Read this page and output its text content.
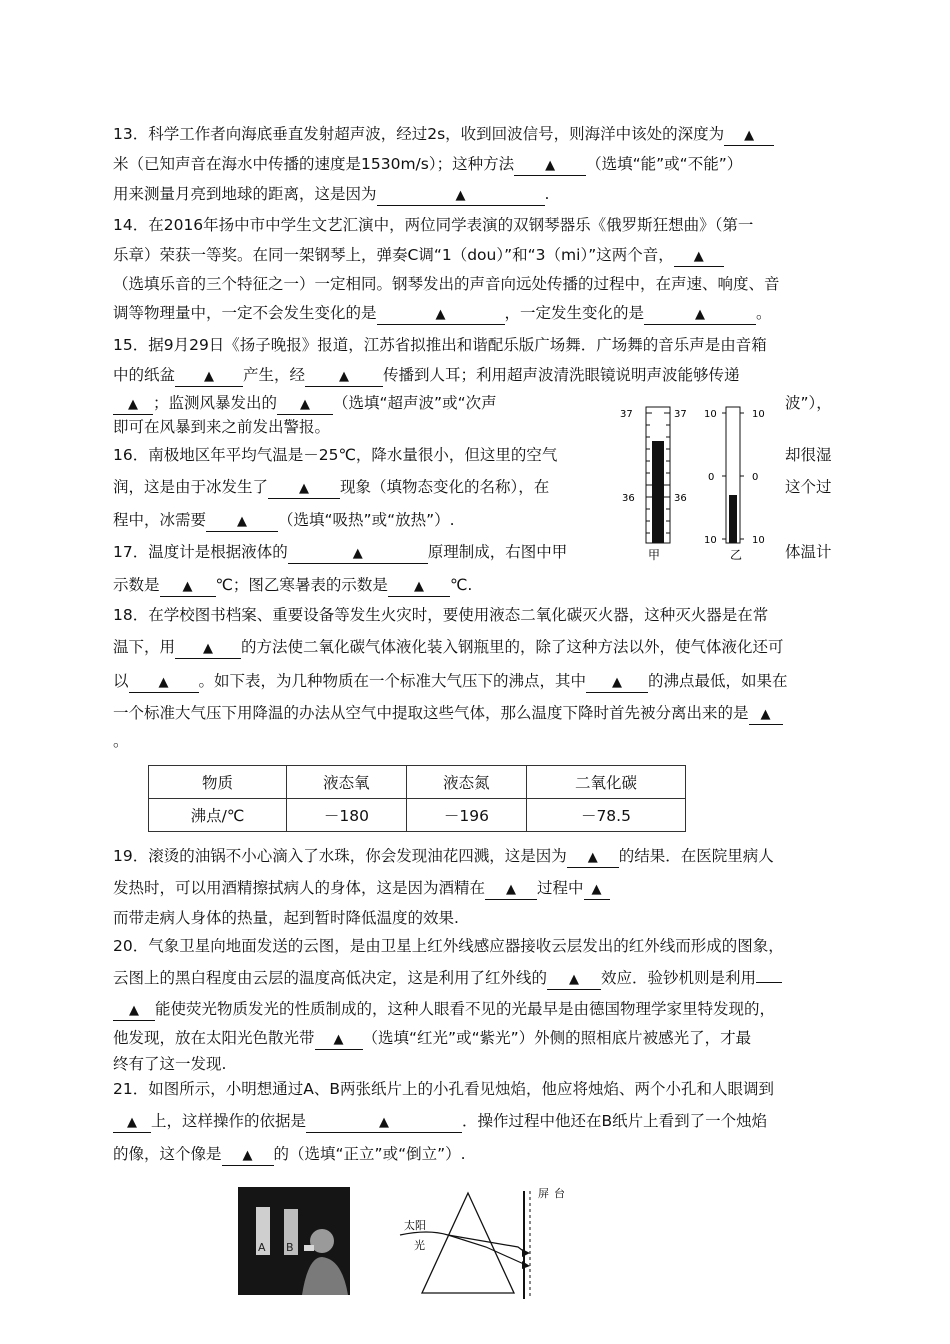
13．科学工作者向海底垂直发射超声波，经过2s，收到回波信号，则海洋中该处的深度为 ▲
米（已知声音在海水中传播的速度是1530m/s）；这种方法 ▲ （选填“能”或“不能”）
用来测量月亮到地球的距离，这是因为	▲	.
14．在2016年扬中市中学生文艺汇演中，两位同学表演的双钢琴器乐《俄罗斯狂想曲》（第一
乐章）荣获一等奖。在同一架钢琴上，弹奏C调“1（dou）”和“3（mi）”这两个音， ▲
（选填乐音的三个特征之一）一定相同。钢琴发出的声音向远处传播的过程中，在声速、响度、音
调等物理量中，一定不会发生变化的是	▲	，一定发生变化的是	▲	。
15．据9月29日《扬子晚报》报道，江苏省拟推出和谐配乐版广场舞．广场舞的音乐声是由音箱
中的纸盆 ▲ 产生，经	▲ 传播到人耳；利用超声波清洗眼镜说明声波能够传递
▲ ；监测风暴发出的 ▲ （选填“超声波”或“次声	波”），
即可在风暴到来之前发出警报。
16．南极地区年平均气温是－25℃，降水量很小，但这里的空气	却很湿
润，这是由于冰发生了 ▲ 现象（填物态变化的名称），在	这个过
程中，冰需要 ▲ （选填“吸热”或“放热”）.
17．温度计是根据液体的	▲	原理制成，右图中甲	体温计
示数是 ▲ ℃；图乙寒暑表的示数是 ▲ ℃.
37	37
36	36
甲
10	10
0	0
10	10
乙
18．在学校图书档案、重要设备等发生火灾时，要使用液态二氧化碳灭火器，这种灭火器是在常
温下，用 ▲ 的方法使二氧化碳气体液化装入钢瓶里的，除了这种方法以外，使气体液化还可
以 ▲ 。如下表，为几种物质在一个标准大气压下的沸点，其中 ▲ 的沸点最低，如果在
一个标准大气压下用降温的办法从空气中提取这些气体，那么温度下降时首先被分离出来的是 ▲
。
物质	液态氧	液态氮	二氧化碳
沸点/℃	－180	－196	－78.5
19．滚烫的油锅不小心滴入了水珠，你会发现油花四溅，这是因为 ▲ 的结果．在医院里病人
发热时，可以用酒精擦拭病人的身体，这是因为酒精在 ▲ 过程中 ▲
而带走病人身体的热量，起到暂时降低温度的效果.
20．气象卫星向地面发送的云图，是由卫星上红外线感应器接收云层发出的红外线而形成的图象，
云图上的黑白程度由云层的温度高低决定，这是利用了红外线的 ▲ 效应．验钞机则是利用
▲ 能使荧光物质发光的性质制成的，这种人眼看不见的光最早是由德国物理学家里特发现的，
他发现，放在太阳光色散光带 ▲ （选填“红光”或“紫光”）外侧的照相底片被感光了，才最
终有了这一发现.
21．如图所示，小明想通过A、B两张纸片上的小孔看见烛焰，他应将烛焰、两个小孔和人眼调到
▲ 上，这样操作的依据是	▲	．操作过程中他还在B纸片上看到了一个烛焰
的像，这个像是 ▲ 的（选填“正立”或“倒立”）.
A B
屏 台
太阳
光
